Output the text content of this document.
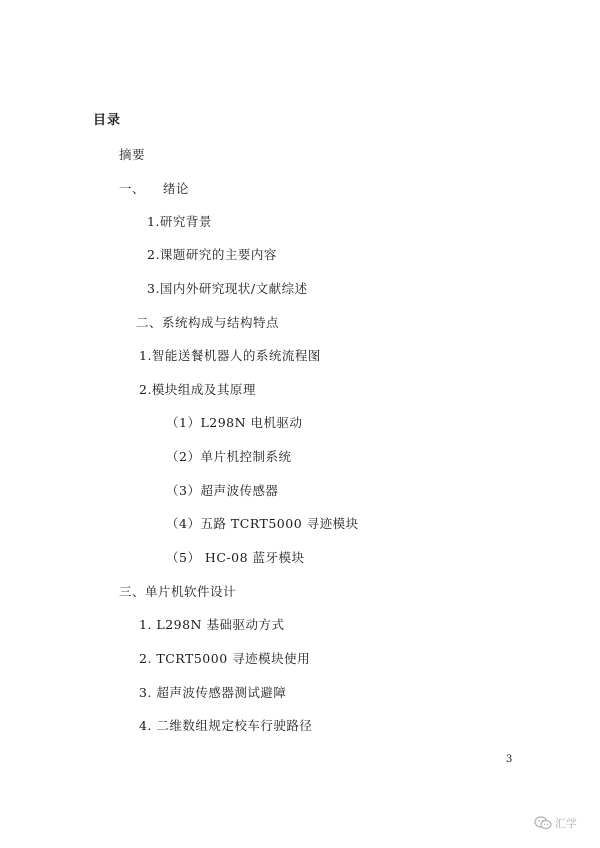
目录
摘要
一、    绪论
1.研究背景
2.课题研究的主要内容
3.国内外研究现状/文献综述
二、系统构成与结构特点
1.智能送餐机器人的系统流程图
2.模块组成及其原理
（1）L298N 电机驱动
（2）单片机控制系统
（3）超声波传感器
（4）五路 TCRT5000 寻迹模块
（5） HC-08 蓝牙模块
三、单片机软件设计
1. L298N 基础驱动方式
2. TCRT5000 寻迹模块使用
3. 超声波传感器测试避障
4. 二维数组规定校车行驶路径
3
汇学
